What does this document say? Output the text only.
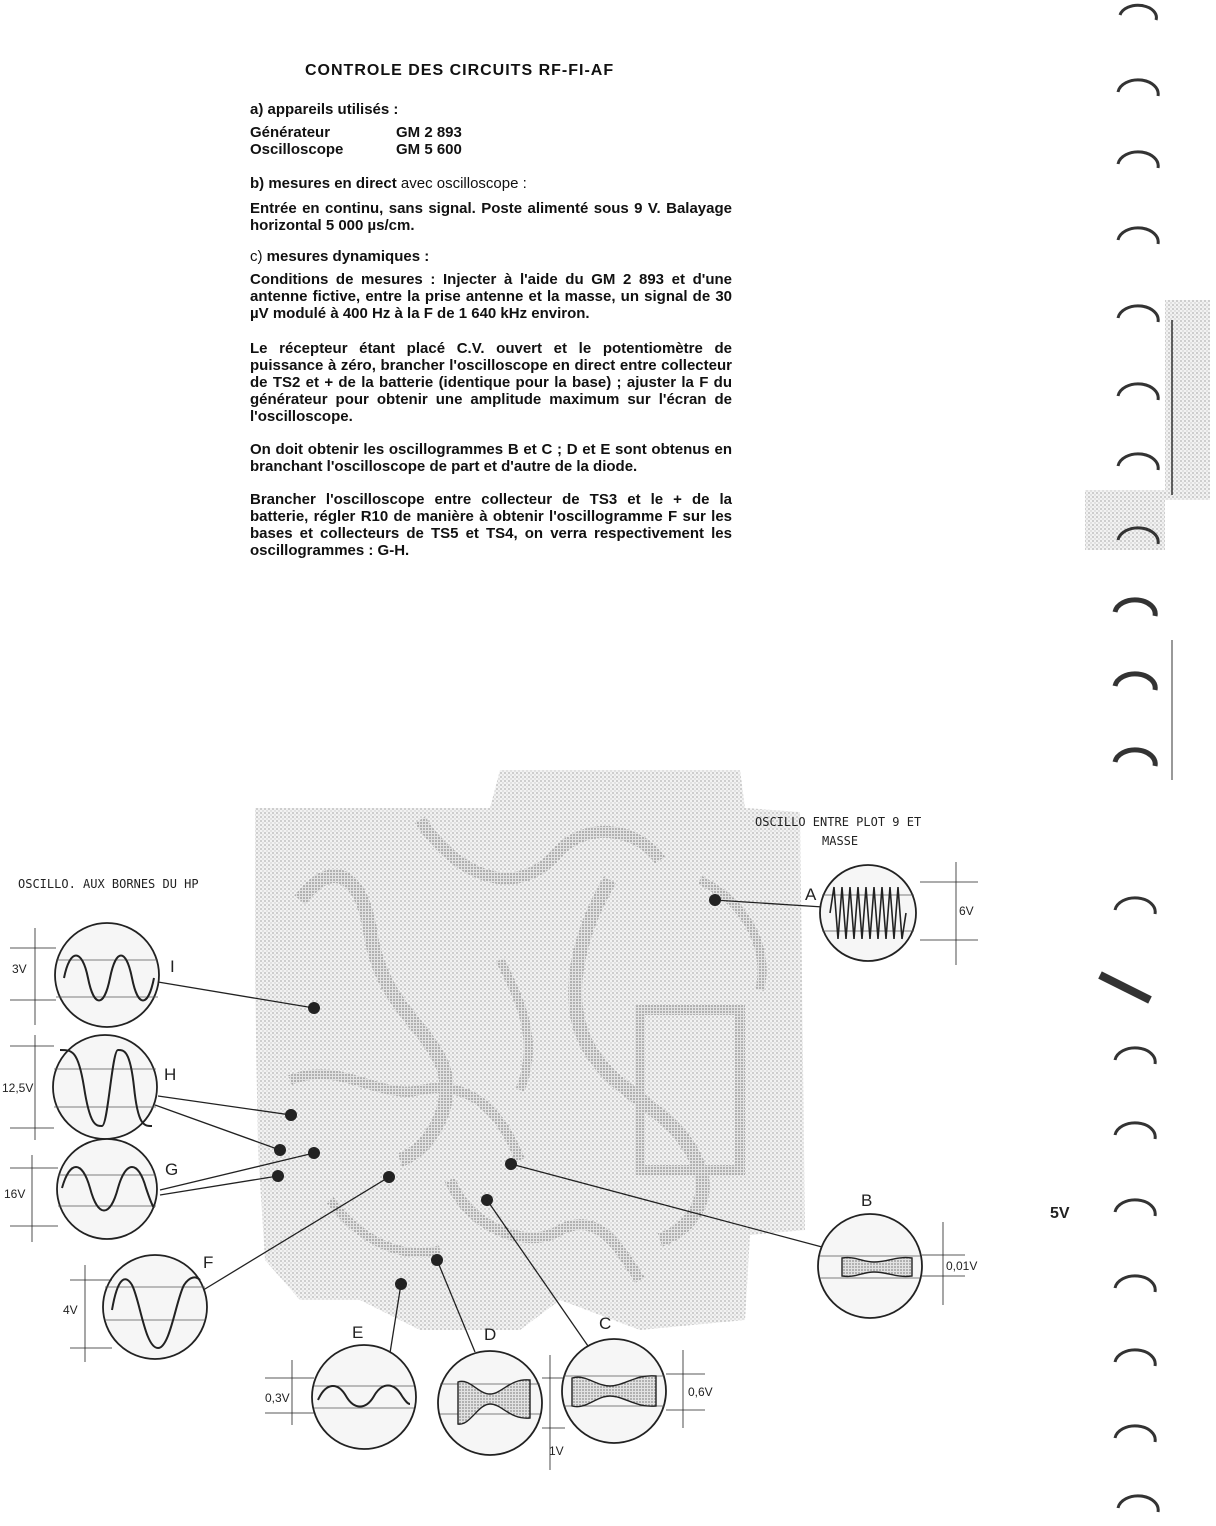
CONTROLE DES CIRCUITS RF-FI-AF
a) appareils utilisés :
Générateur	GM 2 893
Oscilloscope	GM 5 600
b) mesures en direct avec oscilloscope :

Entrée en continu, sans signal. Poste alimenté sous 9 V. Balayage horizontal 5 000 µs/cm.

c) mesures dynamiques :

Conditions de mesures : Injecter à l'aide du GM 2 893 et d'une antenne fictive, entre la prise antenne et la masse, un signal de 30 µV modulé à 400 Hz à la F de 1 640 kHz environ.

Le récepteur étant placé C.V. ouvert et le potentiomètre de puissance à zéro, brancher l'oscilloscope en direct entre collecteur de TS2 et + de la batterie (identique pour la base) ; ajuster la F du générateur pour obtenir une amplitude maximum sur l'écran de l'oscilloscope.

On doit obtenir les oscillogrammes B et C ; D et E sont obtenus en branchant l'oscilloscope de part et d'autre de la diode.

Brancher l'oscilloscope entre collecteur de TS3 et le + de la batterie, régler R10 de manière à obtenir l'oscillogramme F sur les bases et collecteurs de TS5 et TS4, on verra respectivement les oscillogrammes : G-H.

OSCILLO. AUX BORNES DU HP
OSCILLO ENTRE PLOT 9 ET
MASSE
A
6V
I
3V
H
12,5V
G
16V
F
4V
B
0,01V
E
0,3V
D
1V
C
0,6V
5V
